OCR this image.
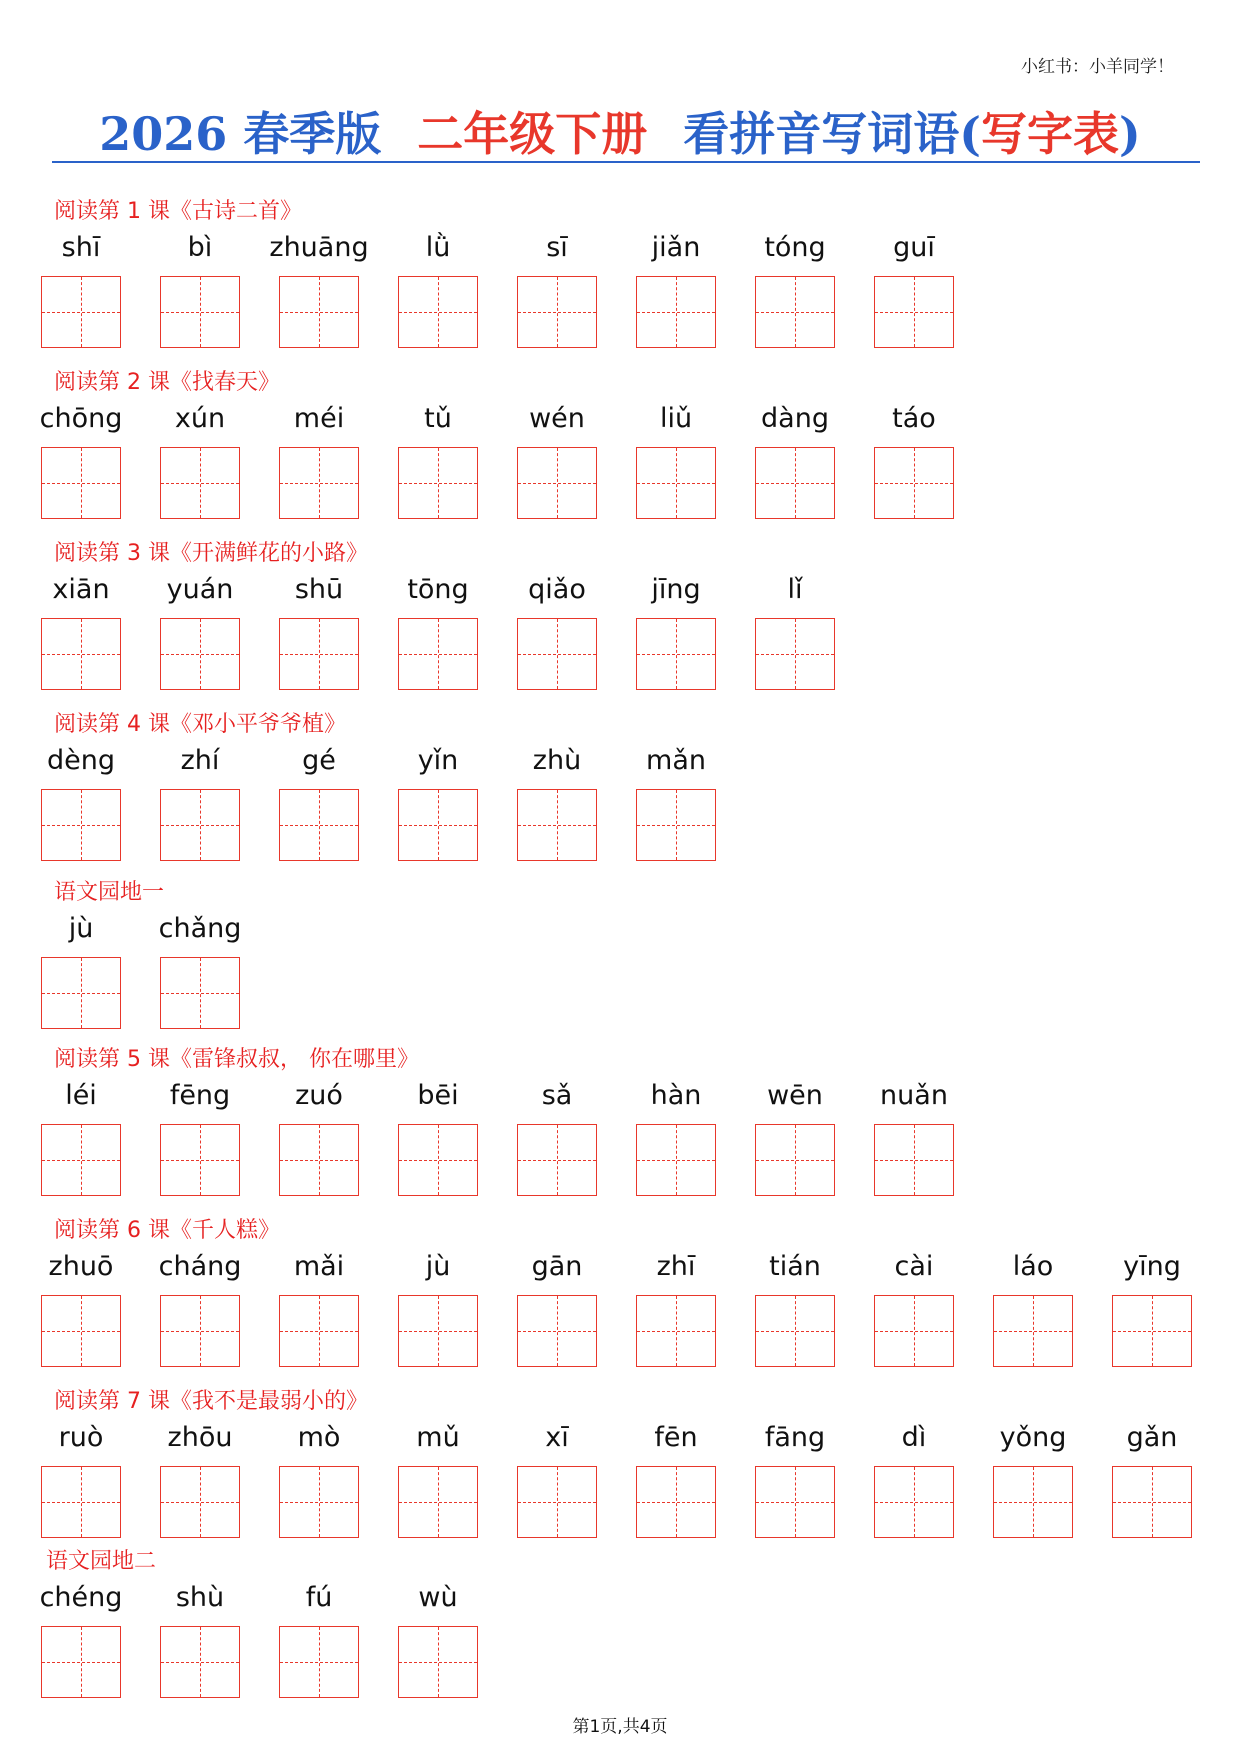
小红书：小羊同学！
2026 春季版 二年级下册 看拼音写词语(写字表)
阅读第 1 课《古诗二首》
shī	bì	zhuāng	lǜ	sī	jiǎn	tóng	guī
阅读第 2 课《找春天》
chōng	xún	méi	tǔ	wén	liǔ	dàng	táo
阅读第 3 课《开满鲜花的小路》
xiān	yuán	shū	tōng	qiǎo	jīng	lǐ
阅读第 4 课《邓小平爷爷植》
dèng	zhí	gé	yǐn	zhù	mǎn
语文园地一
jù	chǎng
阅读第 5 课《雷锋叔叔， 你在哪里》
léi	fēng	zuó	bēi	sǎ	hàn	wēn	nuǎn
阅读第 6 课《千人糕》
zhuō	cháng	mǎi	jù	gān	zhī	tián	cài	láo	yīng
阅读第 7 课《我不是最弱小的》
ruò	zhōu	mò	mǔ	xī	fēn	fāng	dì	yǒng	gǎn
语文园地二
chéng	shù	fú	wù
第1页,共4页
